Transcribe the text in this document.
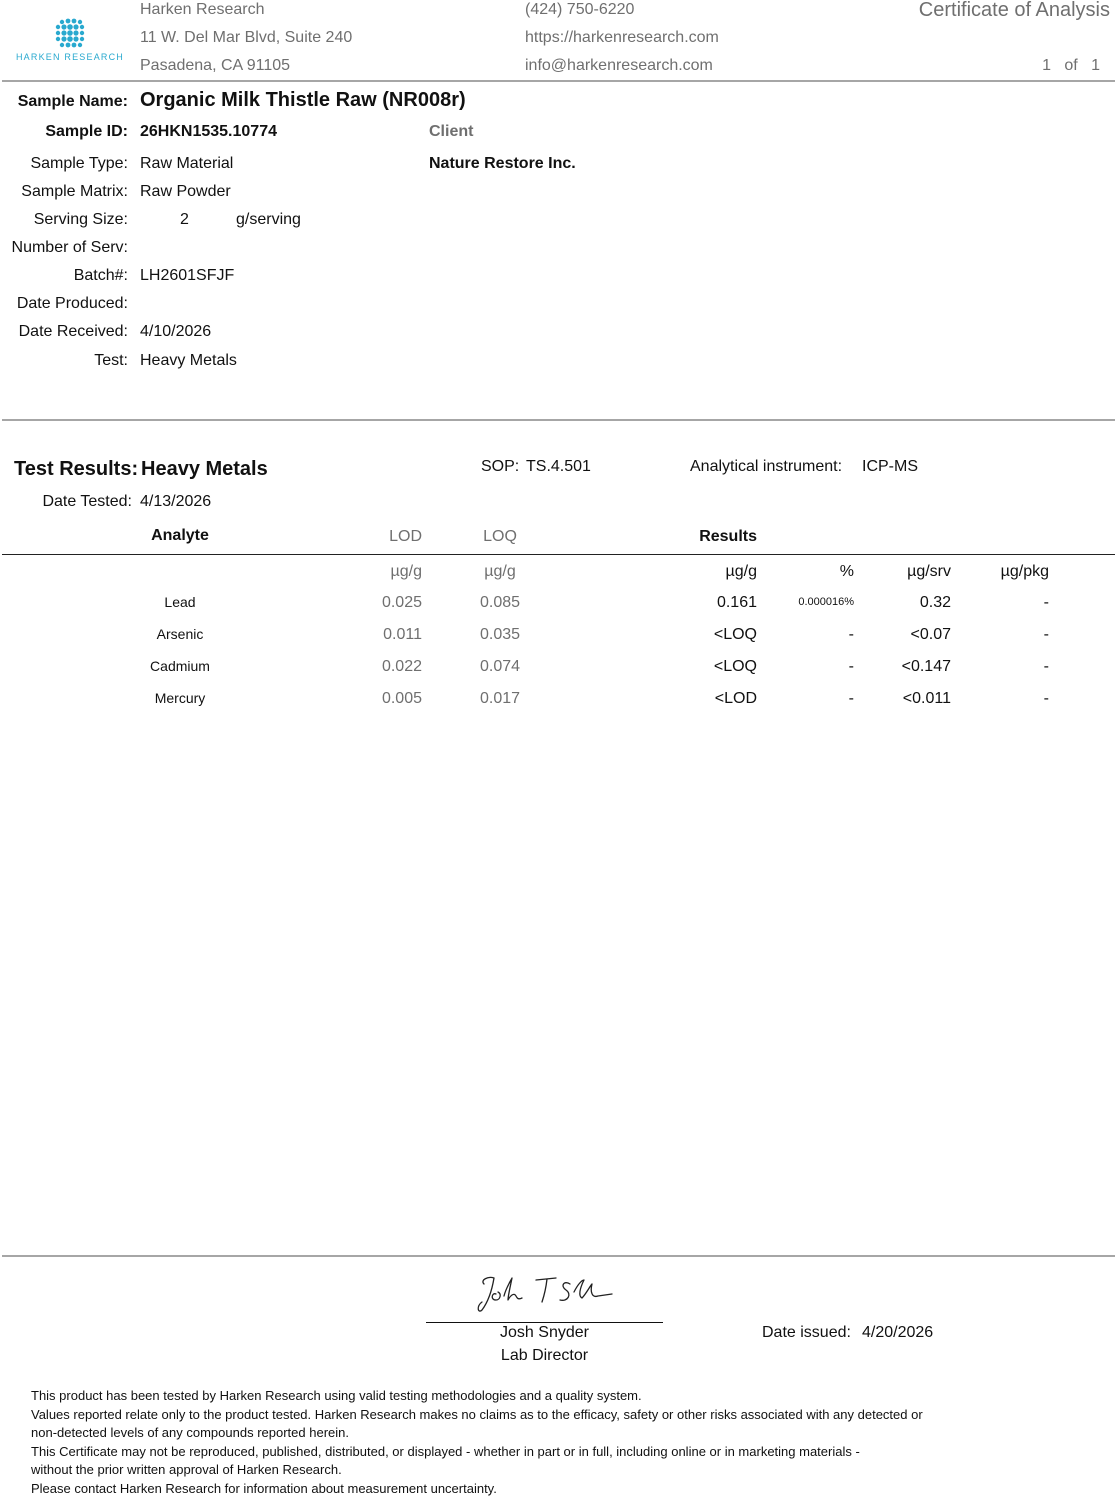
HARKEN RESEARCH
Harken Research
11 W. Del Mar Blvd, Suite 240
Pasadena, CA 91105
(424) 750-6220
https://harkenresearch.com
info@harkenresearch.com
Certificate of Analysis
1 of 1
Sample Name: Organic Milk Thistle Raw (NR008r)
Sample ID: 26HKN1535.10774	Client
Nature Restore Inc.
Sample Type: Raw Material
Sample Matrix: Raw Powder
Serving Size:	2	g/serving
Number of Serv:
Batch#: LH2601SFJF
Date Produced:
Date Received: 4/10/2026
Test: Heavy Metals
Test Results: Heavy Metals	SOP: TS.4.501	Analytical instrument: ICP-MS
Date Tested: 4/13/2026
Analyte	LOD	LOQ	Results
µg/g	µg/g	µg/g	%	µg/srv	µg/pkg
Lead	0.025	0.085	0.161	0.000016%	0.32	-
Arsenic	0.011	0.035	<LOQ	-	<0.07	-
Cadmium	0.022	0.074	<LOQ	-	<0.147	-
Mercury	0.005	0.017	<LOD	-	<0.011	-
Josh Snyder
Lab Director
Date issued: 4/20/2026
This product has been tested by Harken Research using valid testing methodologies and a quality system.
Values reported relate only to the product tested. Harken Research makes no claims as to the efficacy, safety or other risks associated with any detected or
non-detected levels of any compounds reported herein.
This Certificate may not be reproduced, published, distributed, or displayed - whether in part or in full, including online or in marketing materials -
without the prior written approval of Harken Research.
Please contact Harken Research for information about measurement uncertainty.
